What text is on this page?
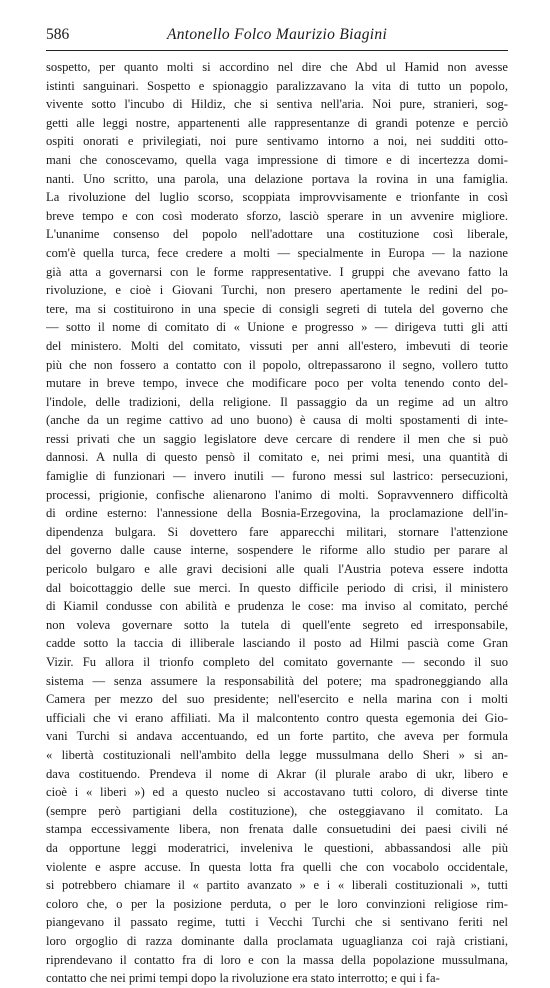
586	Antonello Folco Maurizio Biagini
sospetto, per quanto molti si accordino nel dire che Abd ul Hamid non avesse
istinti sanguinari. Sospetto e spionaggio paralizzavano la vita di tutto un popolo,
vivente sotto l'incubo di Hildiz, che si sentiva nell'aria. Noi pure, stranieri, sog-
getti alle leggi nostre, appartenenti alle rappresentanze di grandi potenze e perciò
ospiti onorati e privilegiati, noi pure sentivamo intorno a noi, nei sudditi otto-
mani che conoscevamo, quella vaga impressione di timore e di incertezza domi-
nanti. Uno scritto, una parola, una delazione portava la rovina in una famiglia.
La rivoluzione del luglio scorso, scoppiata improvvisamente e trionfante in così
breve tempo e con così moderato sforzo, lasciò sperare in un avvenire migliore.
L'unanime consenso del popolo nell'adottare una costituzione così liberale,
com'è quella turca, fece credere a molti — specialmente in Europa — la nazione
già atta a governarsi con le forme rappresentative. I gruppi che avevano fatto la
rivoluzione, e cioè i Giovani Turchi, non presero apertamente le redini del po-
tere, ma si costituirono in una specie di consigli segreti di tutela del governo che
— sotto il nome di comitato di « Unione e progresso » — dirigeva tutti gli atti
del ministero. Molti del comitato, vissuti per anni all'estero, imbevuti di teorie
più che non fossero a contatto con il popolo, oltrepassarono il segno, vollero tutto
mutare in breve tempo, invece che modificare poco per volta tenendo conto del-
l'indole, delle tradizioni, della religione. Il passaggio da un regime ad un altro
(anche da un regime cattivo ad uno buono) è causa di molti spostamenti di inte-
ressi privati che un saggio legislatore deve cercare di rendere il men che si può
dannosi. A nulla di questo pensò il comitato e, nei primi mesi, una quantità di
famiglie di funzionari — invero inutili — furono messi sul lastrico: persecuzioni,
processi, prigionie, confische alienarono l'animo di molti. Sopravvennero difficoltà
di ordine esterno: l'annessione della Bosnia-Erzegovina, la proclamazione dell'in-
dipendenza bulgara. Si dovettero fare apparecchi militari, stornare l'attenzione
del governo dalle cause interne, sospendere le riforme allo studio per parare al
pericolo bulgaro e alle gravi decisioni alle quali l'Austria poteva essere indotta
dal boicottaggio delle sue merci. In questo difficile periodo di crisi, il ministero
di Kiamil condusse con abilità e prudenza le cose: ma inviso al comitato, perché
non voleva governare sotto la tutela di quell'ente segreto ed irresponsabile,
cadde sotto la taccia di illiberale lasciando il posto ad Hilmi pascià come Gran
Vizir. Fu allora il trionfo completo del comitato governante — secondo il suo
sistema — senza assumere la responsabilità del potere; ma spadroneggiando alla
Camera per mezzo del suo presidente; nell'esercito e nella marina con i molti
ufficiali che vi erano affiliati. Ma il malcontento contro questa egemonia dei Gio-
vani Turchi si andava accentuando, ed un forte partito, che aveva per formula
« libertà costituzionali nell'ambito della legge mussulmana dello Sheri » si an-
dava costituendo. Prendeva il nome di Akrar (il plurale arabo di ukr, libero e
cioè i « liberi ») ed a questo nucleo si accostavano tutti coloro, di diverse tinte
(sempre però partigiani della costituzione), che osteggiavano il comitato. La
stampa eccessivamente libera, non frenata dalle consuetudini dei paesi civili né
da opportune leggi moderatrici, inveleniva le questioni, abbassandosi alle più
violente e aspre accuse. In questa lotta fra quelli che con vocabolo occidentale,
si potrebbero chiamare il « partito avanzato » e i « liberali costituzionali », tutti
coloro che, o per la posizione perduta, o per le loro convinzioni religiose rim-
piangevano il passato regime, tutti i Vecchi Turchi che si sentivano feriti nel
loro orgoglio di razza dominante dalla proclamata uguaglianza coi rajà cristiani,
riprendevano il contatto fra di loro e con la massa della popolazione mussulmana,
contatto che nei primi tempi dopo la rivoluzione era stato interrotto; e qui i fa-
